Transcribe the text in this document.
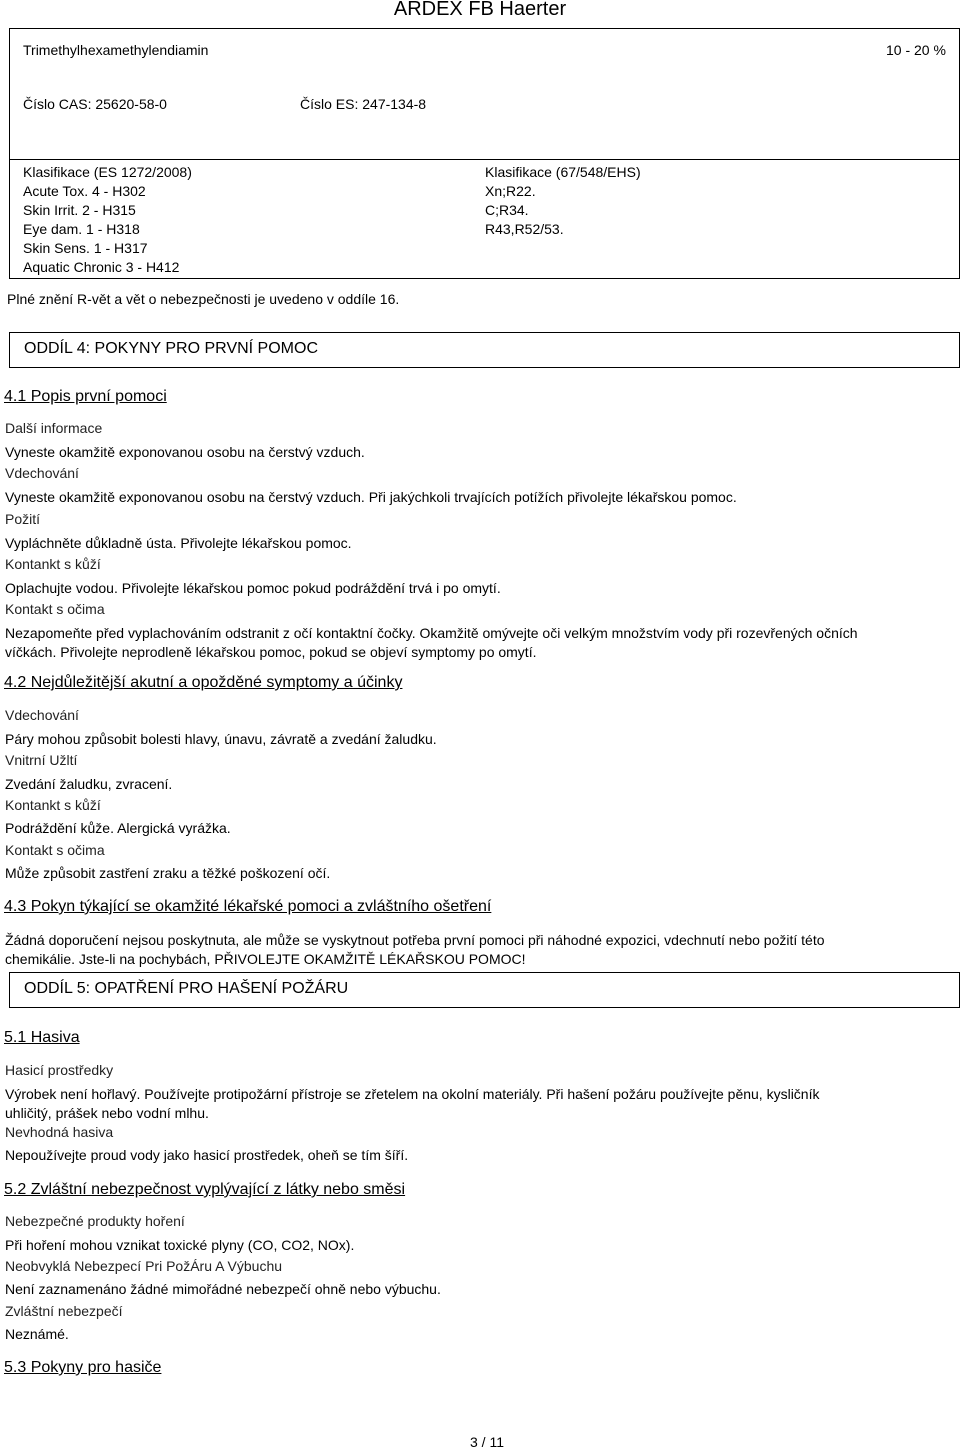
ARDEX FB Haerter
Trimethylhexamethylendiamin	10 - 20 %
Číslo CAS: 25620-58-0	Číslo ES: 247-134-8
Klasifikace (ES 1272/2008)
Acute Tox. 4 - H302
Skin Irrit. 2 - H315
Eye dam. 1 - H318
Skin Sens. 1 - H317
Aquatic Chronic 3 - H412
Klasifikace (67/548/EHS)
Xn;R22.
C;R34.
R43,R52/53.
Plné znění R-vět a vět o nebezpečnosti je uvedeno v oddíle 16.
ODDÍL 4: POKYNY PRO PRVNÍ POMOC
4.1 Popis první pomoci
Další informace
Vyneste okamžitě exponovanou osobu na čerstvý vzduch.
Vdechování
Vyneste okamžitě exponovanou osobu na čerstvý vzduch. Při jakýchkoli trvajících potížích přivolejte lékařskou pomoc.
Požití
Vypláchněte důkladně ústa. Přivolejte lékařskou pomoc.
Kontankt s kůží
Oplachujte vodou. Přivolejte lékařskou pomoc pokud podráždění trvá i po omytí.
Kontakt s očima
Nezapomeňte před vyplachováním odstranit z očí kontaktní čočky. Okamžitě omývejte oči velkým množstvím vody při rozevřených očních víčkách. Přivolejte neprodleně lékařskou pomoc, pokud se objeví symptomy po omytí.
4.2 Nejdůležitější akutní a opožděné symptomy a účinky
Vdechování
Páry mohou způsobit bolesti hlavy, únavu, závratě a zvedání žaludku.
Vnitrní Užltí
Zvedání žaludku, zvracení.
Kontankt s kůží
Podráždění kůže. Alergická vyrážka.
Kontakt s očima
Může způsobit zastření zraku a těžké poškození očí.
4.3 Pokyn týkající se okamžité lékařské pomoci a zvláštního ošetření
Žádná doporučení nejsou poskytnuta, ale může se vyskytnout potřeba první pomoci při náhodné expozici, vdechnutí nebo požití této chemikálie. Jste-li na pochybách, PŘIVOLEJTE OKAMŽITĚ LÉKAŘSKOU POMOC!
ODDÍL 5: OPATŘENÍ PRO HAŠENÍ POŽÁRU
5.1 Hasiva
Hasicí prostředky
Výrobek není hořlavý. Používejte protipožární přístroje se zřetelem na okolní materiály. Při hašení požáru používejte pěnu, kysličník uhličitý, prášek nebo vodní mlhu.
Nevhodná hasiva
Nepoužívejte proud vody jako hasicí prostředek, oheň se tím šíří.
5.2 Zvláštní nebezpečnost vyplývající z látky nebo směsi
Nebezpečné produkty hoření
Při hoření mohou vznikat toxické plyny (CO, CO2, NOx).
Neobvyklá Nebezpecí Pri PožÁru A Výbuchu
Není zaznamenáno žádné mimořádné nebezpečí ohně nebo výbuchu.
Zvláštní nebezpečí
Neznámé.
5.3 Pokyny pro hasiče
3 / 11
